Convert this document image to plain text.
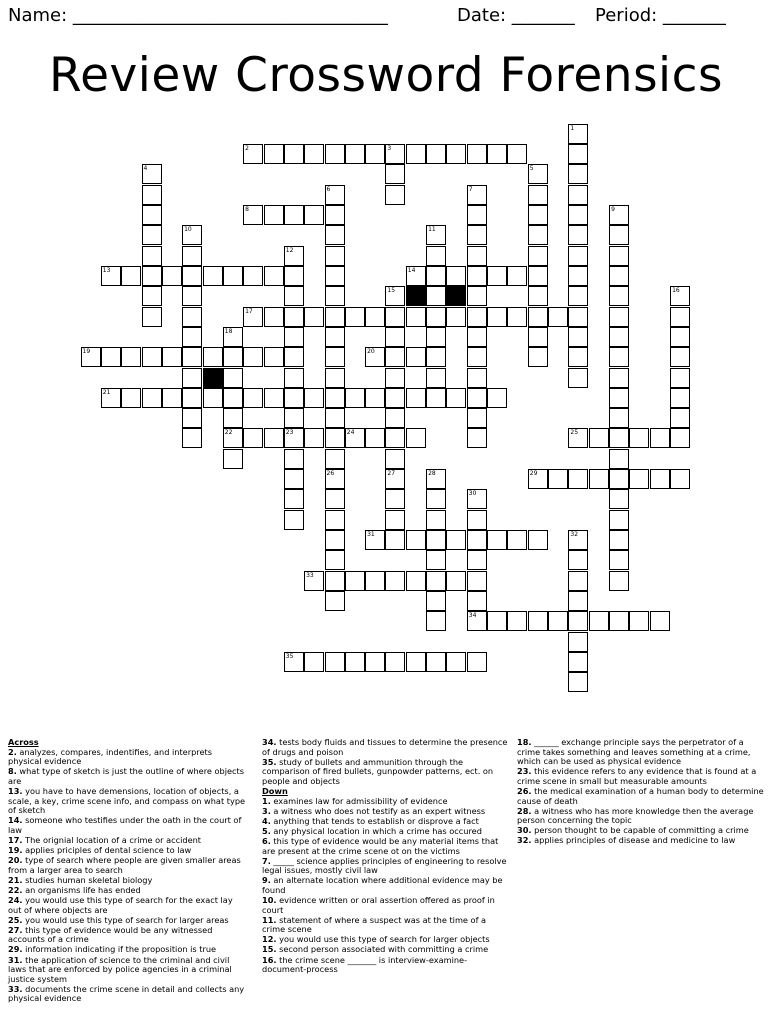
Name: ___________________________________	Date: _______ Period: _______
Review Crossword Forensics
1
2	3
4	5
6
26
7
8	9
10	11
12
23
13	14
15
27
16
17
18
22
19	20
21
24	25
28	29
30
34
31	32
33
35
Across
2. analyzes, compares, indentifies, and interprets physical evidence
8. what type of sketch is just the outline of where objects are
13. you have to have demensions, location of objects, a scale, a key, crime scene info, and compass on what type of sketch
14. someone who testifies under the oath in the court of law
17. The orignial location of a crime or accident
19. applies priciples of dental science to law
20. type of search where people are given smaller areas from a larger area to search
21. studies human skeletal biology
22. an organisms life has ended
24. you would use this type of search for the exact lay out of where objects are
25. you would use this type of search for larger areas
27. this type of evidence would be any witnessed accounts of a crime
29. information indicating if the proposition is true
31. the application of science to the criminal and civil laws that are enforced by police agencies in a criminal justice system
33. documents the crime scene in detail and collects any physical evidence
34. tests body fluids and tissues to determine the presence of drugs and poison
35. study of bullets and ammunition through the comparison of fired bullets, gunpowder patterns, ect. on people and objects
Down
1. examines law for admissibility of evidence
3. a witness who does not testify as an expert witness
4. anything that tends to establish or disprove a fact
5. any physical location in which a crime has occured
6. this type of evidence would be any material items that are present at the crime scene ot on the victims
7. _____ science applies principles of engineering to resolve legal issues, mostly civil law
9. an alternate location where additional evidence may be found
10. evidence written or oral assertion offered as proof in court
11. statement of where a suspect was at the time of a crime scene
12. you would use this type of search for larger objects
15. second person associated with committing a crime
16. the crime scene _______ is interview-examine-document-process
18. ______ exchange principle says the perpetrator of a crime takes something and leaves something at a crime, which can be used as physical evidence
23. this evidence refers to any evidence that is found at a crime scene in small but measurable amounts
26. the medical examination of a human body to determine cause of death
28. a witness who has more knowledge then the average person concerning the topic
30. person thought to be capable of committing a crime
32. applies principles of disease and medicine to law
